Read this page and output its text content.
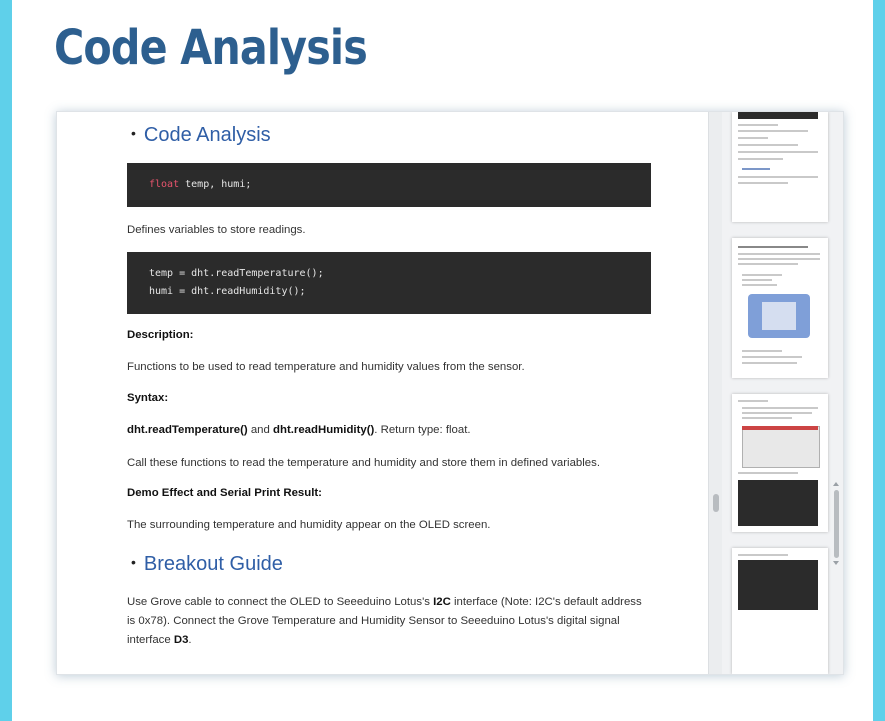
Code Analysis
• Code Analysis
float temp, humi;
Defines variables to store readings.
temp = dht.readTemperature();
humi = dht.readHumidity();
Description:
Functions to be used to read temperature and humidity values from the sensor.
Syntax:
dht.readTemperature() and dht.readHumidity(). Return type: float.
Call these functions to read the temperature and humidity and store them in defined variables.
Demo Effect and Serial Print Result:
The surrounding temperature and humidity appear on the OLED screen.
• Breakout Guide
Use Grove cable to connect the OLED to Seeeduino Lotus's I2C interface (Note: I2C's default address is 0x78). Connect the Grove Temperature and Humidity Sensor to Seeeduino Lotus's digital signal interface D3.
